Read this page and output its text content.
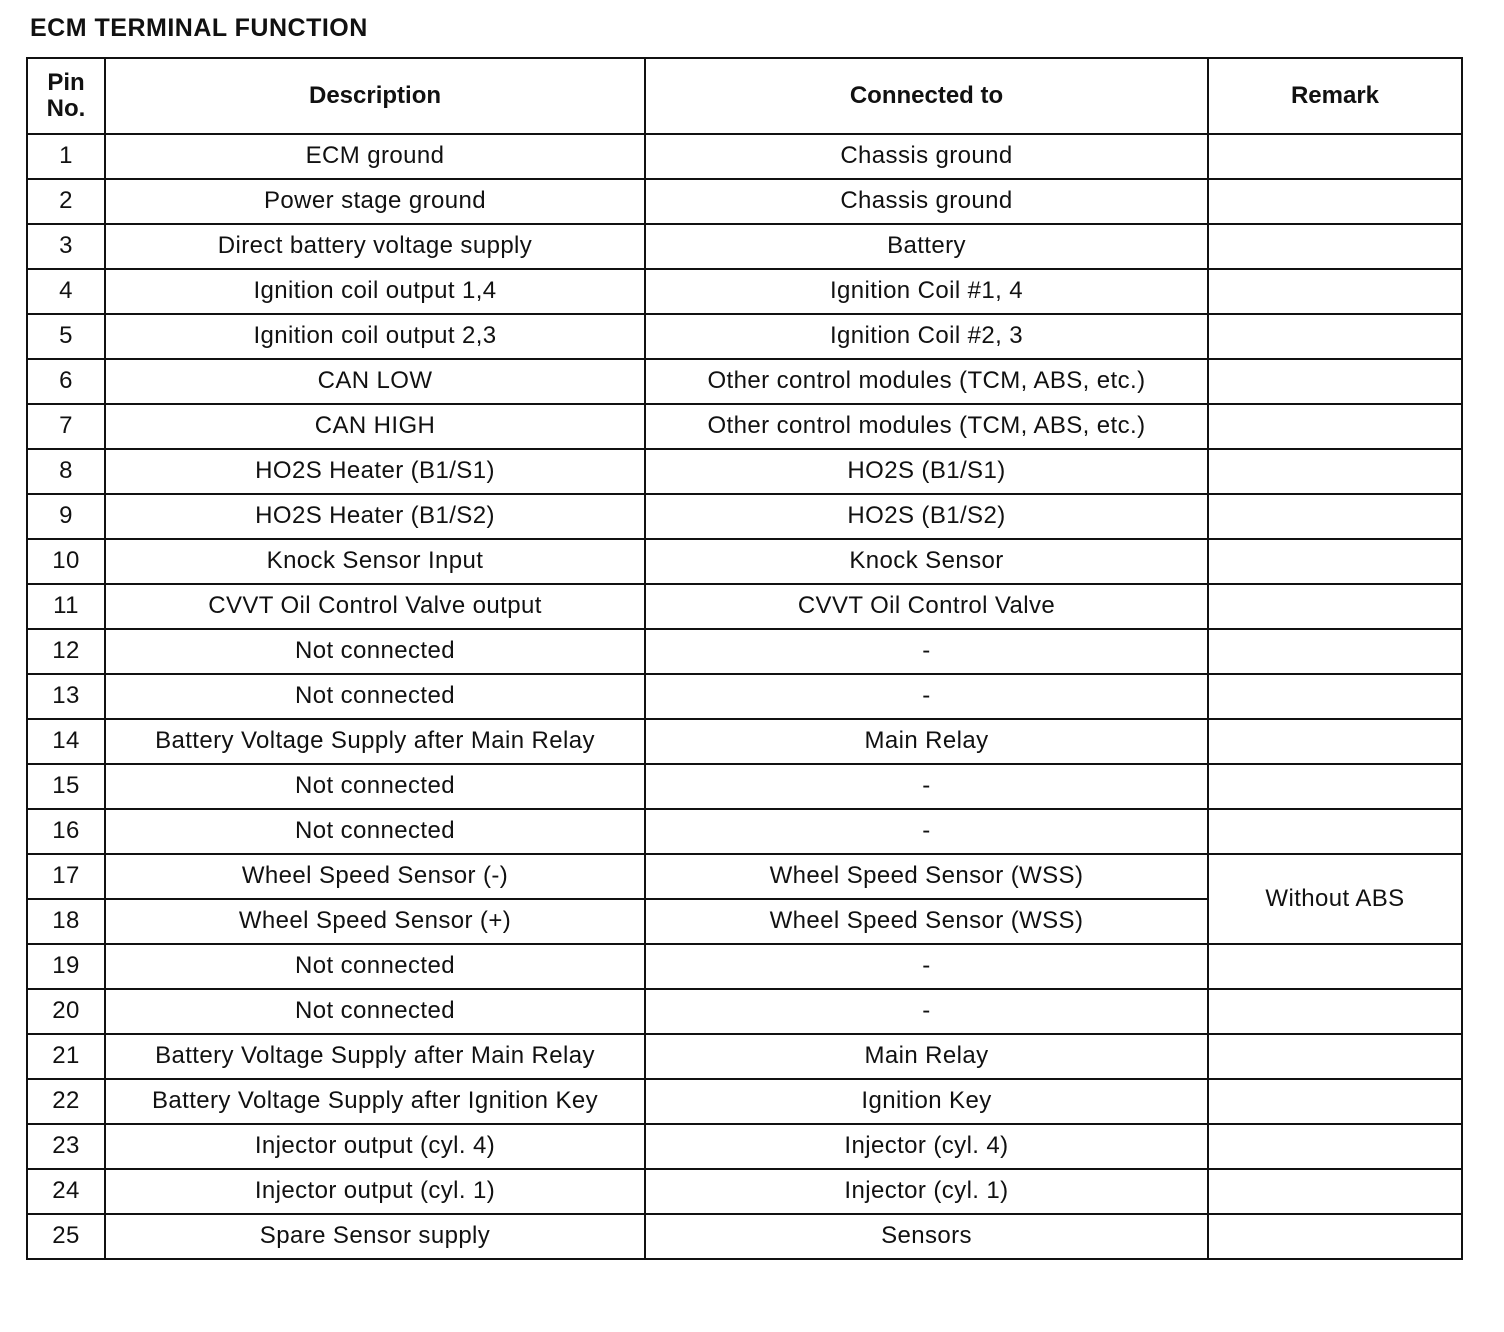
ECM TERMINAL FUNCTION
Pin
No.	Description	Connected to	Remark
1	ECM ground	Chassis ground	
2	Power stage ground	Chassis ground	
3	Direct battery voltage supply	Battery	
4	Ignition coil output 1,4	Ignition Coil #1, 4	
5	Ignition coil output 2,3	Ignition Coil #2, 3	
6	CAN LOW	Other control modules (TCM, ABS, etc.)	
7	CAN HIGH	Other control modules (TCM, ABS, etc.)	
8	HO2S Heater (B1/S1)	HO2S (B1/S1)	
9	HO2S Heater (B1/S2)	HO2S (B1/S2)	
10	Knock Sensor Input	Knock Sensor	
11	CVVT Oil Control Valve output	CVVT Oil Control Valve	
12	Not connected	-	
13	Not connected	-	
14	Battery Voltage Supply after Main Relay	Main Relay	
15	Not connected	-	
16	Not connected	-	
17	Wheel Speed Sensor (-)	Wheel Speed Sensor (WSS)	Without ABS
18	Wheel Speed Sensor (+)	Wheel Speed Sensor (WSS)	
19	Not connected	-	
20	Not connected	-	
21	Battery Voltage Supply after Main Relay	Main Relay	
22	Battery Voltage Supply after Ignition Key	Ignition Key	
23	Injector output (cyl. 4)	Injector (cyl. 4)	
24	Injector output (cyl. 1)	Injector (cyl. 1)	
25	Spare Sensor supply	Sensors	
